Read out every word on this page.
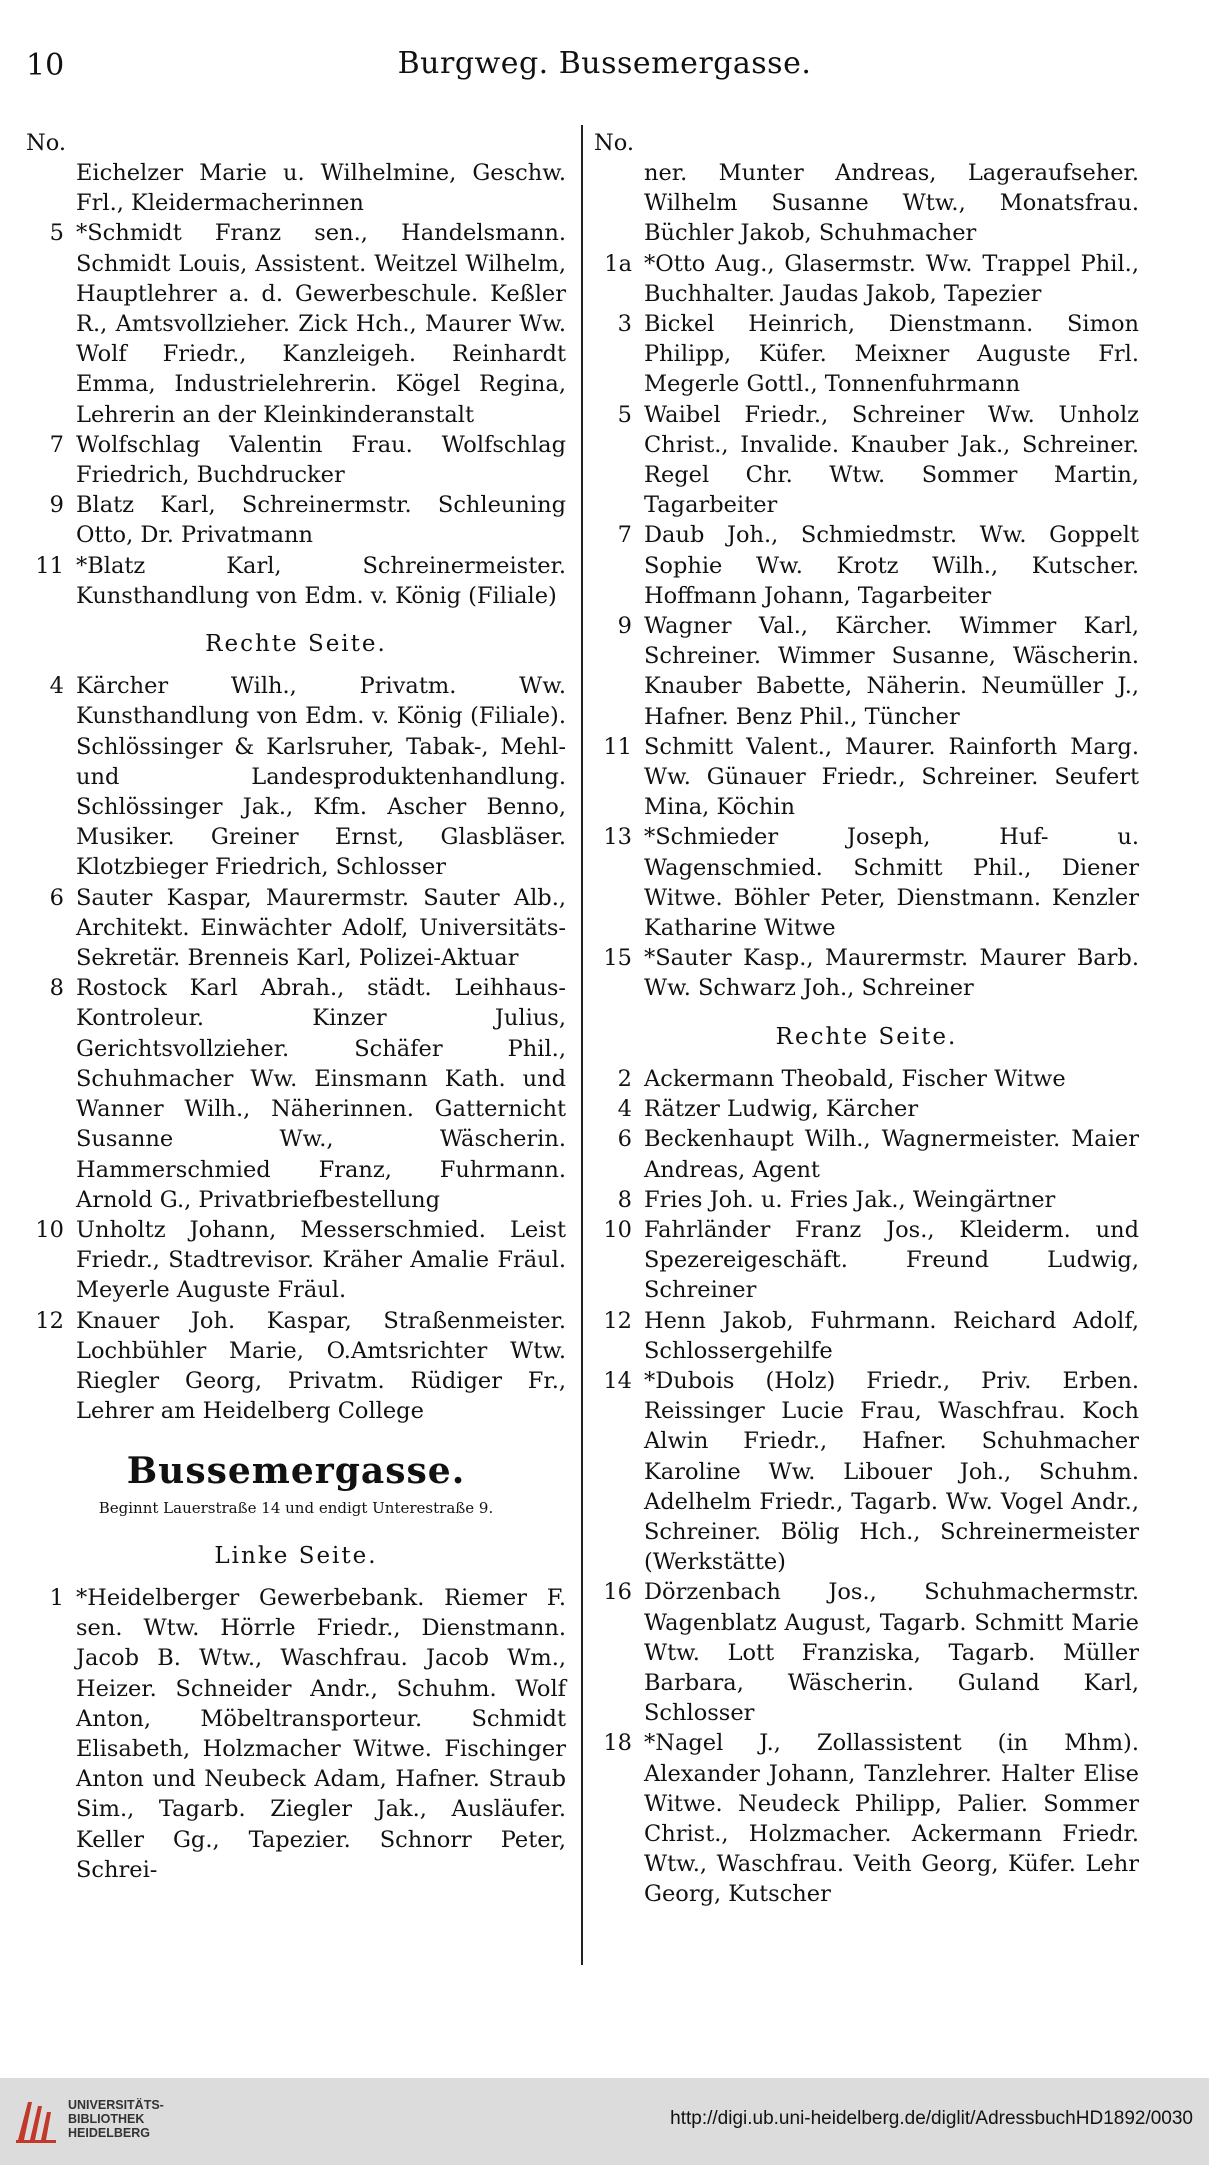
10	Burgweg. Bussemergasse.
No.
Eichelzer Marie u. Wilhelmine, Geschw. Frl., Kleidermacherinnen
5 *Schmidt Franz sen., Handelsmann. Schmidt Louis, Assistent. Weitzel Wilhelm, Hauptlehrer a. d. Gewerbeschule. Keßler R., Amtsvollzieher. Zick Hch., Maurer Ww. Wolf Friedr., Kanzleigeh. Reinhardt Emma, Industrielehrerin. Kögel Regina, Lehrerin an der Kleinkinderanstalt
7 Wolfschlag Valentin Frau. Wolfschlag Friedrich, Buchdrucker
9 Blatz Karl, Schreinermstr. Schleuning Otto, Dr. Privatmann
11 *Blatz Karl, Schreinermeister. Kunsthandlung von Edm. v. König (Filiale)
Rechte Seite.
4 Kärcher Wilh., Privatm. Ww. Kunsthandlung von Edm. v. König (Filiale). Schlössinger & Karlsruher, Tabak-, Mehl- und Landesproduktenhandlung. Schlössinger Jak., Kfm. Ascher Benno, Musiker. Greiner Ernst, Glasbläser. Klotzbieger Friedrich, Schlosser
6 Sauter Kaspar, Maurermstr. Sauter Alb., Architekt. Einwächter Adolf, Universitäts-Sekretär. Brenneis Karl, Polizei-Aktuar
8 Rostock Karl Abrah., städt. Leihhaus-Kontroleur. Kinzer Julius, Gerichtsvollzieher. Schäfer Phil., Schuhmacher Ww. Einsmann Kath. und Wanner Wilh., Näherinnen. Gatternicht Susanne Ww., Wäscherin. Hammerschmied Franz, Fuhrmann. Arnold G., Privatbriefbestellung
10 Unholtz Johann, Messerschmied. Leist Friedr., Stadtrevisor. Kräher Amalie Fräul. Meyerle Auguste Fräul.
12 Knauer Joh. Kaspar, Straßenmeister. Lochbühler Marie, O.Amtsrichter Wtw. Riegler Georg, Privatm. Rüdiger Fr., Lehrer am Heidelberg College
Bussemergasse.
Beginnt Lauerstraße 14 und endigt Unterestraße 9.
Linke Seite.
1 *Heidelberger Gewerbebank. Riemer F. sen. Wtw. Hörrle Friedr., Dienstmann. Jacob B. Wtw., Waschfrau. Jacob Wm., Heizer. Schneider Andr., Schuhm. Wolf Anton, Möbeltransporteur. Schmidt Elisabeth, Holzmacher Witwe. Fischinger Anton und Neubeck Adam, Hafner. Straub Sim., Tagarb. Ziegler Jak., Ausläufer. Keller Gg., Tapezier. Schnorr Peter, Schrei-
No.
ner. Munter Andreas, Lageraufseher. Wilhelm Susanne Wtw., Monatsfrau. Büchler Jakob, Schuhmacher
1a *Otto Aug., Glasermstr. Ww. Trappel Phil., Buchhalter. Jaudas Jakob, Tapezier
3 Bickel Heinrich, Dienstmann. Simon Philipp, Küfer. Meixner Auguste Frl. Megerle Gottl., Tonnenfuhrmann
5 Waibel Friedr., Schreiner Ww. Unholz Christ., Invalide. Knauber Jak., Schreiner. Regel Chr. Wtw. Sommer Martin, Tagarbeiter
7 Daub Joh., Schmiedmstr. Ww. Goppelt Sophie Ww. Krotz Wilh., Kutscher. Hoffmann Johann, Tagarbeiter
9 Wagner Val., Kärcher. Wimmer Karl, Schreiner. Wimmer Susanne, Wäscherin. Knauber Babette, Näherin. Neumüller J., Hafner. Benz Phil., Tüncher
11 Schmitt Valent., Maurer. Rainforth Marg. Ww. Günauer Friedr., Schreiner. Seufert Mina, Köchin
13 *Schmieder Joseph, Huf- u. Wagenschmied. Schmitt Phil., Diener Witwe. Böhler Peter, Dienstmann. Kenzler Katharine Witwe
15 *Sauter Kasp., Maurermstr. Maurer Barb. Ww. Schwarz Joh., Schreiner
Rechte Seite.
2 Ackermann Theobald, Fischer Witwe
4 Rätzer Ludwig, Kärcher
6 Beckenhaupt Wilh., Wagnermeister. Maier Andreas, Agent
8 Fries Joh. u. Fries Jak., Weingärtner
10 Fahrländer Franz Jos., Kleiderm. und Spezereigeschäft. Freund Ludwig, Schreiner
12 Henn Jakob, Fuhrmann. Reichard Adolf, Schlossergehilfe
14 *Dubois (Holz) Friedr., Priv. Erben. Reissinger Lucie Frau, Waschfrau. Koch Alwin Friedr., Hafner. Schuhmacher Karoline Ww. Libouer Joh., Schuhm. Adelhelm Friedr., Tagarb. Ww. Vogel Andr., Schreiner. Bölig Hch., Schreinermeister (Werkstätte)
16 Dörzenbach Jos., Schuhmachermstr. Wagenblatz August, Tagarb. Schmitt Marie Wtw. Lott Franziska, Tagarb. Müller Barbara, Wäscherin. Guland Karl, Schlosser
18 *Nagel J., Zollassistent (in Mhm). Alexander Johann, Tanzlehrer. Halter Elise Witwe. Neudeck Philipp, Palier. Sommer Christ., Holzmacher. Ackermann Friedr. Wtw., Waschfrau. Veith Georg, Küfer. Lehr Georg, Kutscher
UNIVERSITÄTS-
BIBLIOTHEK
HEIDELBERG
http://digi.ub.uni-heidelberg.de/diglit/AdressbuchHD1892/0030
